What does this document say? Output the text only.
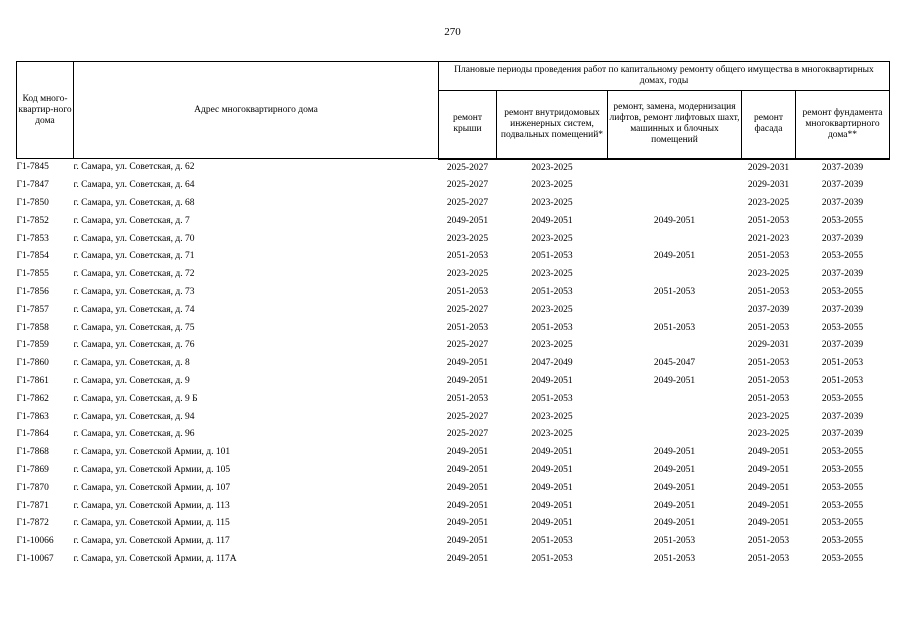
270
Код много-квартир-ного дома	Адрес многоквартирного дома	Плановые периоды проведения работ по капитальному ремонту общего имущества в многоквартирных домах, годы				
		ремонт крыши	ремонт внутридомовых инженерных систем, подвальных помещений*	ремонт, замена, модернизация лифтов, ремонт лифтовых шахт, машинных и блочных помещений	ремонт фасада	ремонт фундамента многоквартирного дома**
Г1-7845	г. Самара, ул. Советская, д. 62	2025-2027	2023-2025		2029-2031	2037-2039
Г1-7847	г. Самара, ул. Советская, д. 64	2025-2027	2023-2025		2029-2031	2037-2039
Г1-7850	г. Самара, ул. Советская, д. 68	2025-2027	2023-2025		2023-2025	2037-2039
Г1-7852	г. Самара, ул. Советская, д. 7	2049-2051	2049-2051	2049-2051	2051-2053	2053-2055
Г1-7853	г. Самара, ул. Советская, д. 70	2023-2025	2023-2025		2021-2023	2037-2039
Г1-7854	г. Самара, ул. Советская, д. 71	2051-2053	2051-2053	2049-2051	2051-2053	2053-2055
Г1-7855	г. Самара, ул. Советская, д. 72	2023-2025	2023-2025		2023-2025	2037-2039
Г1-7856	г. Самара, ул. Советская, д. 73	2051-2053	2051-2053	2051-2053	2051-2053	2053-2055
Г1-7857	г. Самара, ул. Советская, д. 74	2025-2027	2023-2025		2037-2039	2037-2039
Г1-7858	г. Самара, ул. Советская, д. 75	2051-2053	2051-2053	2051-2053	2051-2053	2053-2055
Г1-7859	г. Самара, ул. Советская, д. 76	2025-2027	2023-2025		2029-2031	2037-2039
Г1-7860	г. Самара, ул. Советская, д. 8	2049-2051	2047-2049	2045-2047	2051-2053	2051-2053
Г1-7861	г. Самара, ул. Советская, д. 9	2049-2051	2049-2051	2049-2051	2051-2053	2051-2053
Г1-7862	г. Самара, ул. Советская, д. 9 Б	2051-2053	2051-2053		2051-2053	2053-2055
Г1-7863	г. Самара, ул. Советская, д. 94	2025-2027	2023-2025		2023-2025	2037-2039
Г1-7864	г. Самара, ул. Советская, д. 96	2025-2027	2023-2025		2023-2025	2037-2039
Г1-7868	г. Самара, ул. Советской Армии, д. 101	2049-2051	2049-2051	2049-2051	2049-2051	2053-2055
Г1-7869	г. Самара, ул. Советской Армии, д. 105	2049-2051	2049-2051	2049-2051	2049-2051	2053-2055
Г1-7870	г. Самара, ул. Советской Армии, д. 107	2049-2051	2049-2051	2049-2051	2049-2051	2053-2055
Г1-7871	г. Самара, ул. Советской Армии, д. 113	2049-2051	2049-2051	2049-2051	2049-2051	2053-2055
Г1-7872	г. Самара, ул. Советской Армии, д. 115	2049-2051	2049-2051	2049-2051	2049-2051	2053-2055
Г1-10066	г. Самара, ул. Советской Армии, д. 117	2049-2051	2051-2053	2051-2053	2051-2053	2053-2055
Г1-10067	г. Самара, ул. Советской Армии, д. 117А	2049-2051	2051-2053	2051-2053	2051-2053	2053-2055
